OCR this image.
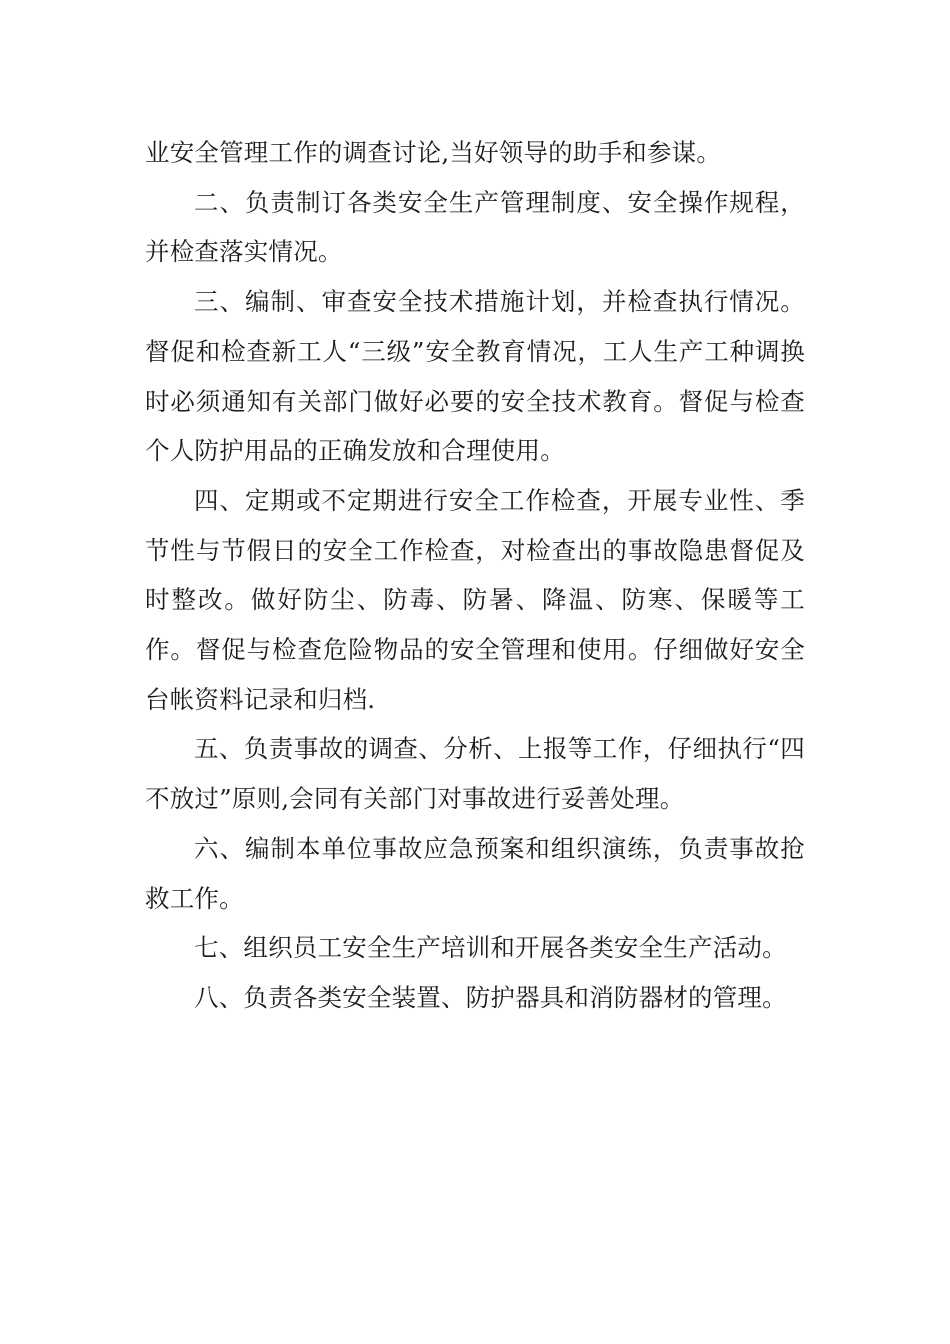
业安全管理工作的调查讨论,当好领导的助手和参谋。

二、负责制订各类安全生产管理制度、安全操作规程，并检查落实情况。

三、编制、审查安全技术措施计划，并检查执行情况。督促和检查新工人“三级”安全教育情况，工人生产工种调换时必须通知有关部门做好必要的安全技术教育。督促与检查个人防护用品的正确发放和合理使用。

四、定期或不定期进行安全工作检查，开展专业性、季节性与节假日的安全工作检查，对检查出的事故隐患督促及时整改。做好防尘、防毒、防暑、降温、防寒、保暖等工作。督促与检查危险物品的安全管理和使用。仔细做好安全台帐资料记录和归档.

五、负责事故的调查、分析、上报等工作，仔细执行“四不放过”原则,会同有关部门对事故进行妥善处理。

六、编制本单位事故应急预案和组织演练，负责事故抢救工作。

七、组织员工安全生产培训和开展各类安全生产活动。

八、负责各类安全装置、防护器具和消防器材的管理。
